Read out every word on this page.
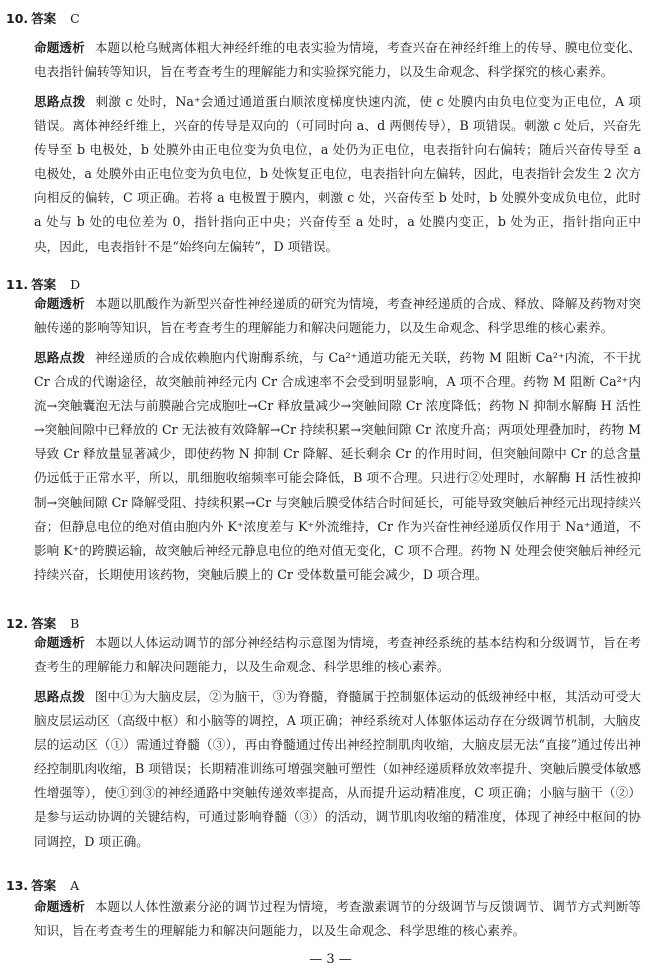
10. 答案 C

命题透析 本题以枪乌贼离体粗大神经纤维的电表实验为情境，考查兴奋在神经纤维上的传导、膜电位变化、电表指针偏转等知识，旨在考查考生的理解能力和实验探究能力，以及生命观念、科学探究的核心素养。

思路点拨 刺激 c 处时，Na⁺会通过通道蛋白顺浓度梯度快速内流，使 c 处膜内由负电位变为正电位，A 项错误。离体神经纤维上，兴奋的传导是双向的（可同时向 a、d 两侧传导），B 项错误。刺激 c 处后，兴奋先传导至 b 电极处，b 处膜外由正电位变为负电位，a 处仍为正电位，电表指针向右偏转；随后兴奋传导至 a 电极处，a 处膜外由正电位变为负电位，b 处恢复正电位，电表指针向左偏转，因此，电表指针会发生 2 次方向相反的偏转，C 项正确。若将 a 电极置于膜内，刺激 c 处，兴奋传至 b 处时，b 处膜外变成负电位，此时 a 处与 b 处的电位差为 0，指针指向正中央；兴奋传至 a 处时，a 处膜内变正，b 处为正，指针指向正中央，因此，电表指针不是“始终向左偏转”，D 项错误。

11. 答案 D

命题透析 本题以肌酸作为新型兴奋性神经递质的研究为情境，考查神经递质的合成、释放、降解及药物对突触传递的影响等知识，旨在考查考生的理解能力和解决问题能力，以及生命观念、科学思维的核心素养。

思路点拨 神经递质的合成依赖胞内代谢酶系统，与 Ca²⁺通道功能无关联，药物 M 阻断 Ca²⁺内流，不干扰 Cr 合成的代谢途径，故突触前神经元内 Cr 合成速率不会受到明显影响，A 项不合理。药物 M 阻断 Ca²⁺内流→突触囊泡无法与前膜融合完成胞吐→Cr 释放量减少→突触间隙 Cr 浓度降低；药物 N 抑制水解酶 H 活性→突触间隙中已释放的 Cr 无法被有效降解→Cr 持续积累→突触间隙 Cr 浓度升高；两项处理叠加时，药物 M 导致 Cr 释放量显著减少，即使药物 N 抑制 Cr 降解、延长剩余 Cr 的作用时间，但突触间隙中 Cr 的总含量仍远低于正常水平，所以，肌细胞收缩频率可能会降低，B 项不合理。只进行②处理时，水解酶 H 活性被抑制→突触间隙 Cr 降解受阻、持续积累→Cr 与突触后膜受体结合时间延长，可能导致突触后神经元出现持续兴奋；但静息电位的绝对值由胞内外 K⁺浓度差与 K⁺外流维持，Cr 作为兴奋性神经递质仅作用于 Na⁺通道，不影响 K⁺的跨膜运输，故突触后神经元静息电位的绝对值无变化，C 项不合理。药物 N 处理会使突触后神经元持续兴奋，长期使用该药物，突触后膜上的 Cr 受体数量可能会减少，D 项合理。

12. 答案 B

命题透析 本题以人体运动调节的部分神经结构示意图为情境，考查神经系统的基本结构和分级调节，旨在考查考生的理解能力和解决问题能力，以及生命观念、科学思维的核心素养。

思路点拨 图中①为大脑皮层，②为脑干，③为脊髓，脊髓属于控制躯体运动的低级神经中枢，其活动可受大脑皮层运动区（高级中枢）和小脑等的调控，A 项正确；神经系统对人体躯体运动存在分级调节机制，大脑皮层的运动区（①）需通过脊髓（③），再由脊髓通过传出神经控制肌肉收缩，大脑皮层无法“直接”通过传出神经控制肌肉收缩，B 项错误；长期精准训练可增强突触可塑性（如神经递质释放效率提升、突触后膜受体敏感性增强等），使①到③的神经通路中突触传递效率提高，从而提升运动精准度，C 项正确；小脑与脑干（②）是参与运动协调的关键结构，可通过影响脊髓（③）的活动，调节肌肉收缩的精准度，体现了神经中枢间的协同调控，D 项正确。

13. 答案 A

命题透析 本题以人体性激素分泌的调节过程为情境，考查激素调节的分级调节与反馈调节、调节方式判断等知识，旨在考查考生的理解能力和解决问题能力，以及生命观念、科学思维的核心素养。

— 3 —
